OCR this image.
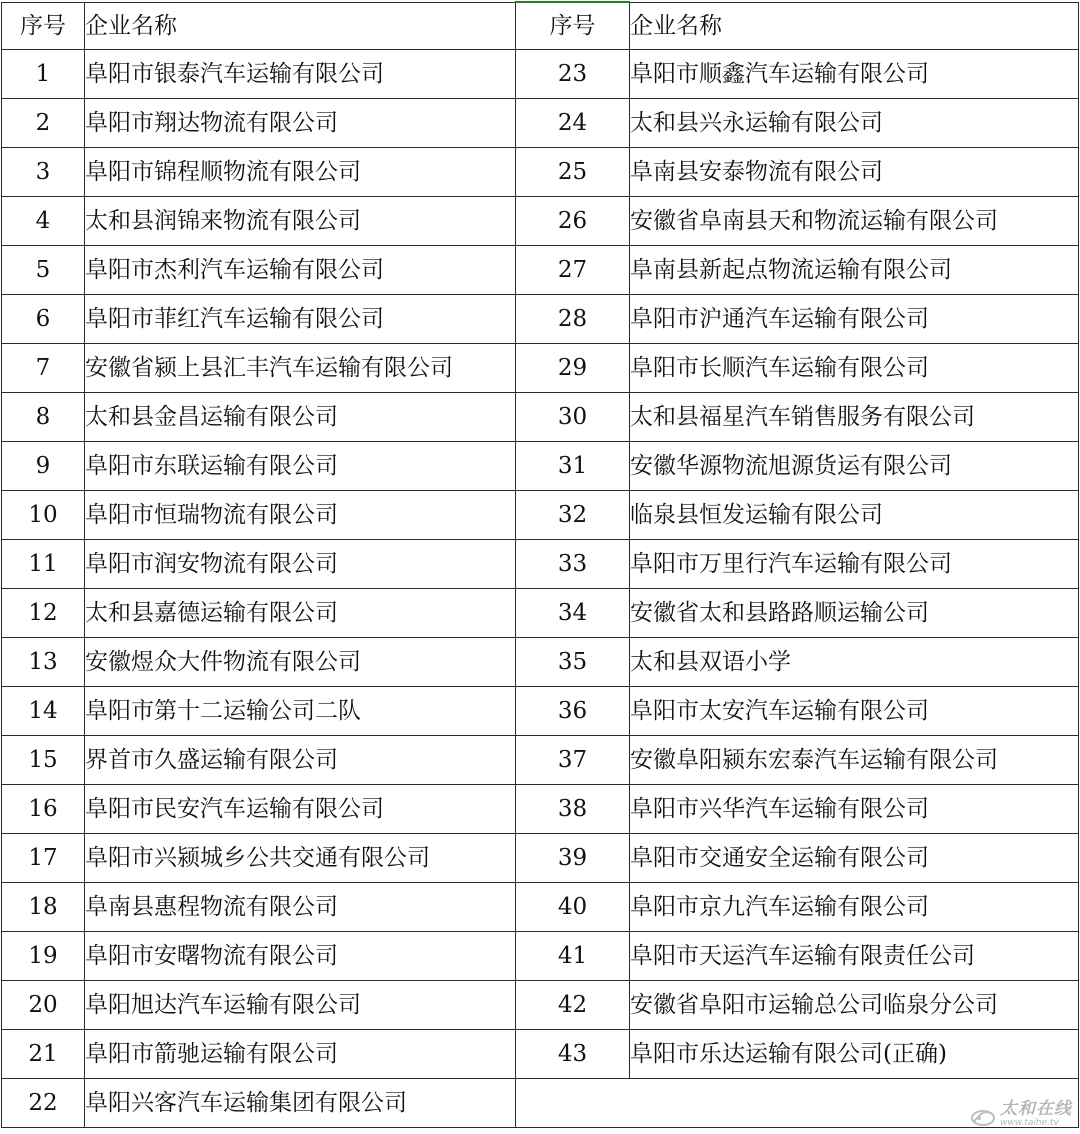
序号	企业名称	序号	企业名称
1	阜阳市银泰汽车运输有限公司	23	阜阳市顺鑫汽车运输有限公司
2	阜阳市翔达物流有限公司	24	太和县兴永运输有限公司
3	阜阳市锦程顺物流有限公司	25	阜南县安泰物流有限公司
4	太和县润锦来物流有限公司	26	安徽省阜南县天和物流运输有限公司
5	阜阳市杰利汽车运输有限公司	27	阜南县新起点物流运输有限公司
6	阜阳市菲红汽车运输有限公司	28	阜阳市沪通汽车运输有限公司
7	安徽省颍上县汇丰汽车运输有限公司	29	阜阳市长顺汽车运输有限公司
8	太和县金昌运输有限公司	30	太和县福星汽车销售服务有限公司
9	阜阳市东联运输有限公司	31	安徽华源物流旭源货运有限公司
10	阜阳市恒瑞物流有限公司	32	临泉县恒发运输有限公司
11	阜阳市润安物流有限公司	33	阜阳市万里行汽车运输有限公司
12	太和县嘉德运输有限公司	34	安徽省太和县路路顺运输公司
13	安徽煜众大件物流有限公司	35	太和县双语小学
14	阜阳市第十二运输公司二队	36	阜阳市太安汽车运输有限公司
15	界首市久盛运输有限公司	37	安徽阜阳颍东宏泰汽车运输有限公司
16	阜阳市民安汽车运输有限公司	38	阜阳市兴华汽车运输有限公司
17	阜阳市兴颍城乡公共交通有限公司	39	阜阳市交通安全运输有限公司
18	阜南县惠程物流有限公司	40	阜阳市京九汽车运输有限公司
19	阜阳市安曙物流有限公司	41	阜阳市天运汽车运输有限责任公司
20	阜阳旭达汽车运输有限公司	42	安徽省阜阳市运输总公司临泉分公司
21	阜阳市箭驰运输有限公司	43	阜阳市乐达运输有限公司(正确)
22	阜阳兴客汽车运输集团有限公司			太和在线
www.taihe.tv
